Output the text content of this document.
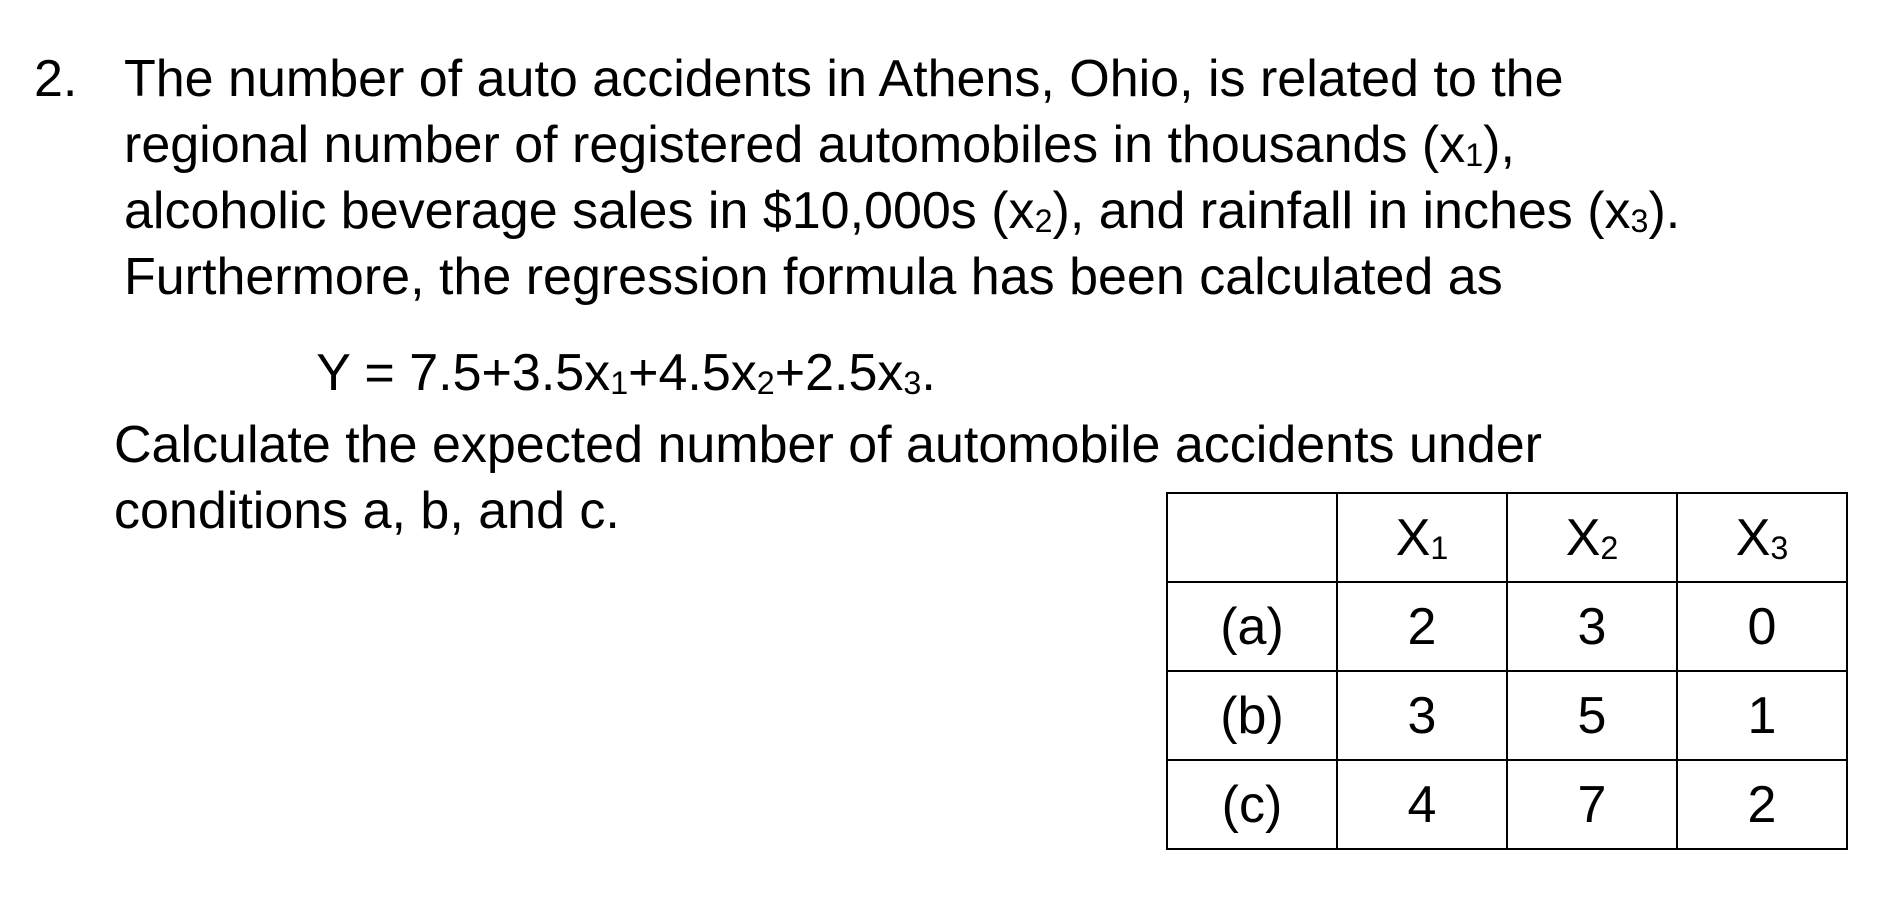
2. The number of auto accidents in Athens, Ohio, is related to the
regional number of registered automobiles in thousands (x1),
alcoholic beverage sales in $10,000s (x2), and rainfall in inches (x3).
Furthermore, the regression formula has been calculated as
Y = 7.5+3.5x1+4.5x2+2.5x3.
Calculate the expected number of automobile accidents under
conditions a, b, and c.
		X1	X2	X3
(a)	2	3	0
(b)	3	5	1
(c)	4	7	2
